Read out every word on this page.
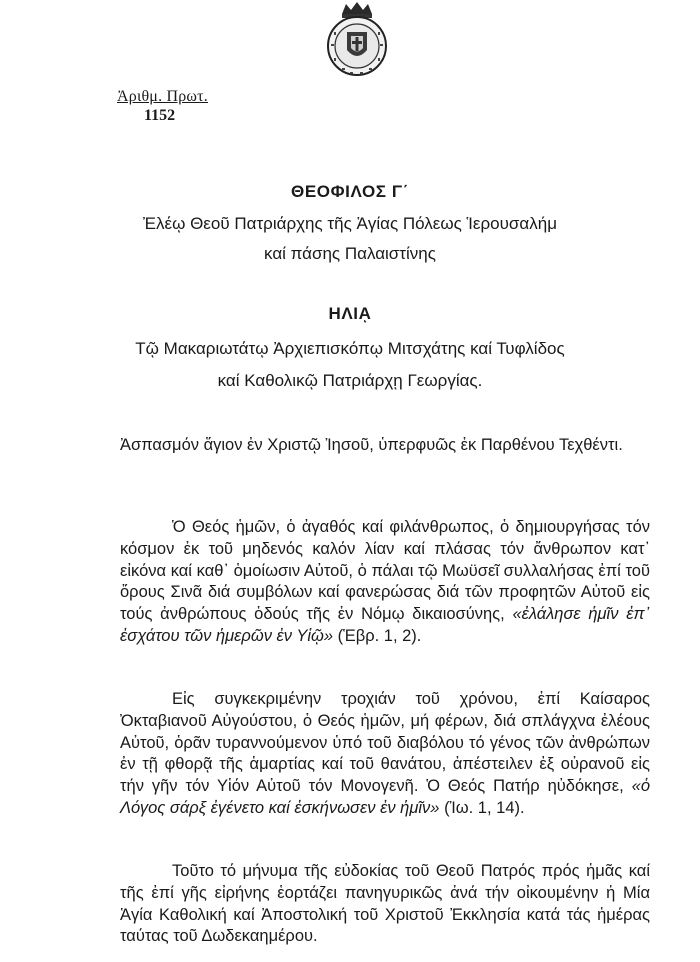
Ἀριθμ. Πρωτ.
1152
ΘΕΟΦΙΛΟΣ Γ΄
Ἐλέῳ Θεοῦ Πατριάρχης τῆς Ἁγίας Πόλεως Ἱερουσαλήμ
καί πάσης Παλαιστίνης
ΗΛΙᾼ
Τῷ Μακαριωτάτῳ Ἀρχιεπισκόπῳ Μιτσχάτης καί Τυφλίδος
καί Καθολικῷ Πατριάρχῃ Γεωργίας.
Ἀσπασμόν ἅγιον ἐν Χριστῷ Ἰησοῦ, ὑπερφυῶς ἐκ Παρθένου Τεχθέντι.
Ὁ Θεός ἡμῶν, ὁ ἀγαθός καί φιλάνθρωπος, ὁ δημιουργήσας τόν κόσμον ἐκ τοῦ μηδενός καλόν λίαν καί πλάσας τόν ἄνθρωπον κατ᾽ εἰκόνα καί καθ᾽ ὁμοίωσιν Αὐτοῦ, ὁ πάλαι τῷ Μωϋσεῖ συλλαλήσας ἐπί τοῦ ὄρους Σινᾶ διά συμβόλων καί φανερώσας διά τῶν προφητῶν Αὐτοῦ εἰς τούς ἀνθρώπους ὁδούς τῆς ἐν Νόμῳ δικαιοσύνης, «ἐλάλησε ἡμῖν ἐπ᾽ ἐσχάτου τῶν ἡμερῶν ἐν Υἱῷ» (Ἑβρ. 1, 2).
Εἰς συγκεκριμένην τροχιάν τοῦ χρόνου, ἐπί Καίσαρος Ὀκταβιανοῦ Αὐγούστου, ὁ Θεός ἡμῶν, μή φέρων, διά σπλάγχνα ἐλέους Αὐτοῦ, ὁρᾶν τυραννούμενον ὑπό τοῦ διαβόλου τό γένος τῶν ἀνθρώπων ἐν τῇ φθορᾷ τῆς ἁμαρτίας καί τοῦ θανάτου, ἀπέστειλεν ἐξ οὐρανοῦ εἰς τήν γῆν τόν Υἱόν Αὐτοῦ τόν Μονογενῆ. Ὁ Θεός Πατήρ ηὐδόκησε, «ὁ Λόγος σάρξ ἐγένετο καί ἐσκήνωσεν ἐν ἡμῖν» (Ἰω. 1, 14).
Τοῦτο τό μήνυμα τῆς εὐδοκίας τοῦ Θεοῦ Πατρός πρός ἡμᾶς καί τῆς ἐπί γῆς εἰρήνης ἑορτάζει πανηγυρικῶς ἀνά τήν οἰκουμένην ἡ Μία Ἁγία Καθολική καί Ἀποστολική τοῦ Χριστοῦ Ἐκκλησία κατά τάς ἡμέρας ταύτας τοῦ Δωδεκαημέρου.
